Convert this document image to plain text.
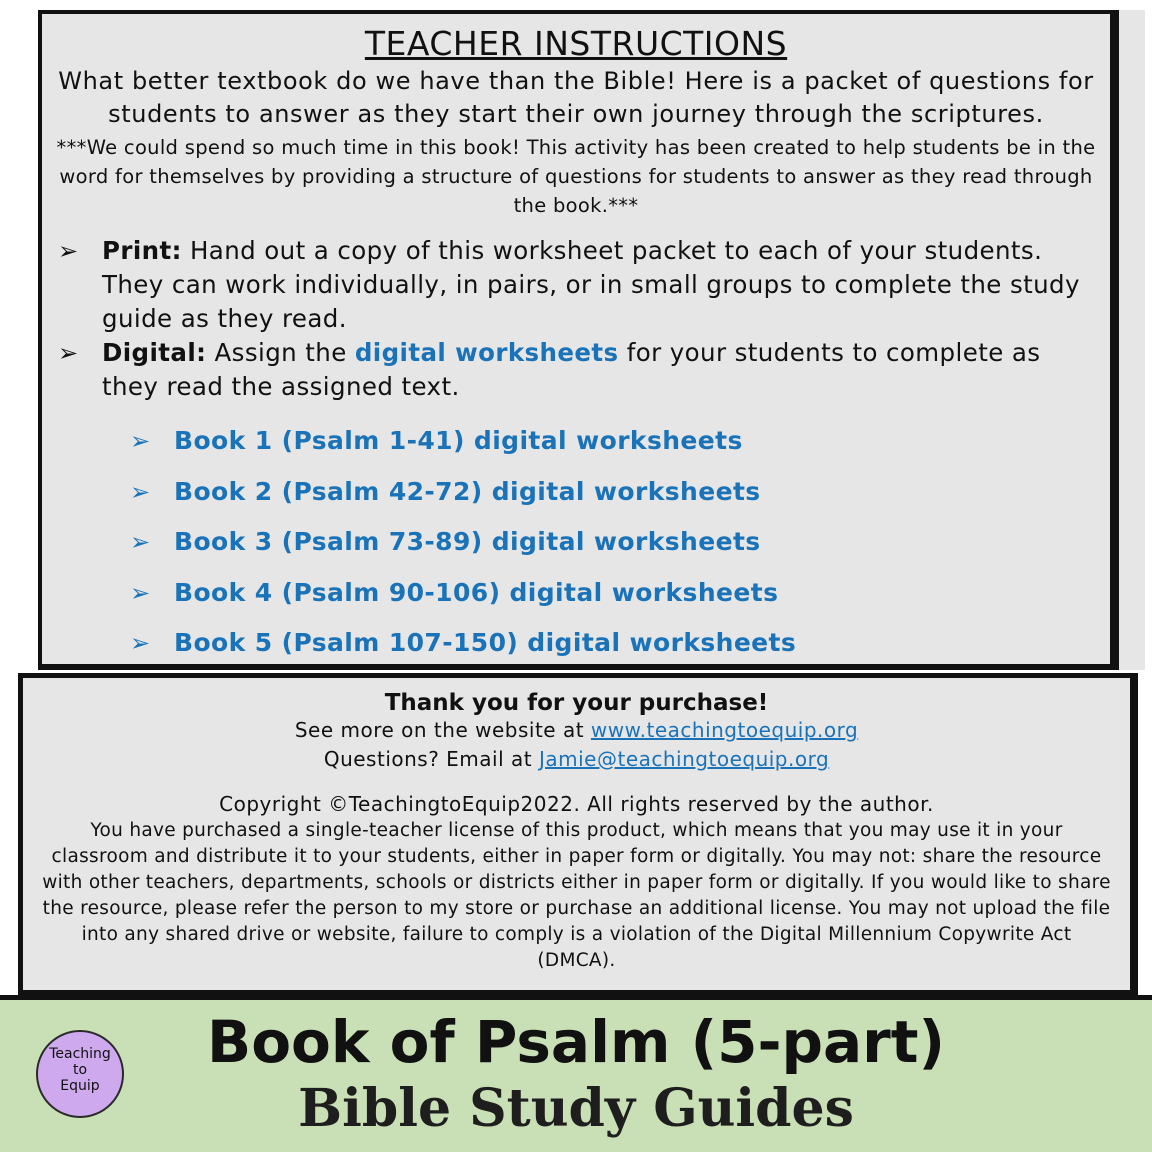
TEACHER INSTRUCTIONS
What better textbook do we have than the Bible! Here is a packet of questions for students to answer as they start their own journey through the scriptures.
***We could spend so much time in this book! This activity has been created to help students be in the word for themselves by providing a structure of questions for students to answer as they read through the book.***
➢ Print: Hand out a copy of this worksheet packet to each of your students. They can work individually, in pairs, or in small groups to complete the study guide as they read.
➢ Digital: Assign the digital worksheets for your students to complete as they read the assigned text.
➢ Book 1 (Psalm 1-41) digital worksheets
➢ Book 2 (Psalm 42-72) digital worksheets
➢ Book 3 (Psalm 73-89) digital worksheets
➢ Book 4 (Psalm 90-106) digital worksheets
➢ Book 5 (Psalm 107-150) digital worksheets
Thank you for your purchase!
See more on the website at www.teachingtoequip.org
Questions? Email at Jamie@teachingtoequip.org
Copyright ©TeachingtoEquip2022. All rights reserved by the author.
You have purchased a single-teacher license of this product, which means that you may use it in your classroom and distribute it to your students, either in paper form or digitally. You may not: share the resource with other teachers, departments, schools or districts either in paper form or digitally. If you would like to share the resource, please refer the person to my store or purchase an additional license. You may not upload the file into any shared drive or website, failure to comply is a violation of the Digital Millennium Copywrite Act (DMCA).
Teaching
to
Equip
Book of Psalm (5-part)
Bible Study Guides
